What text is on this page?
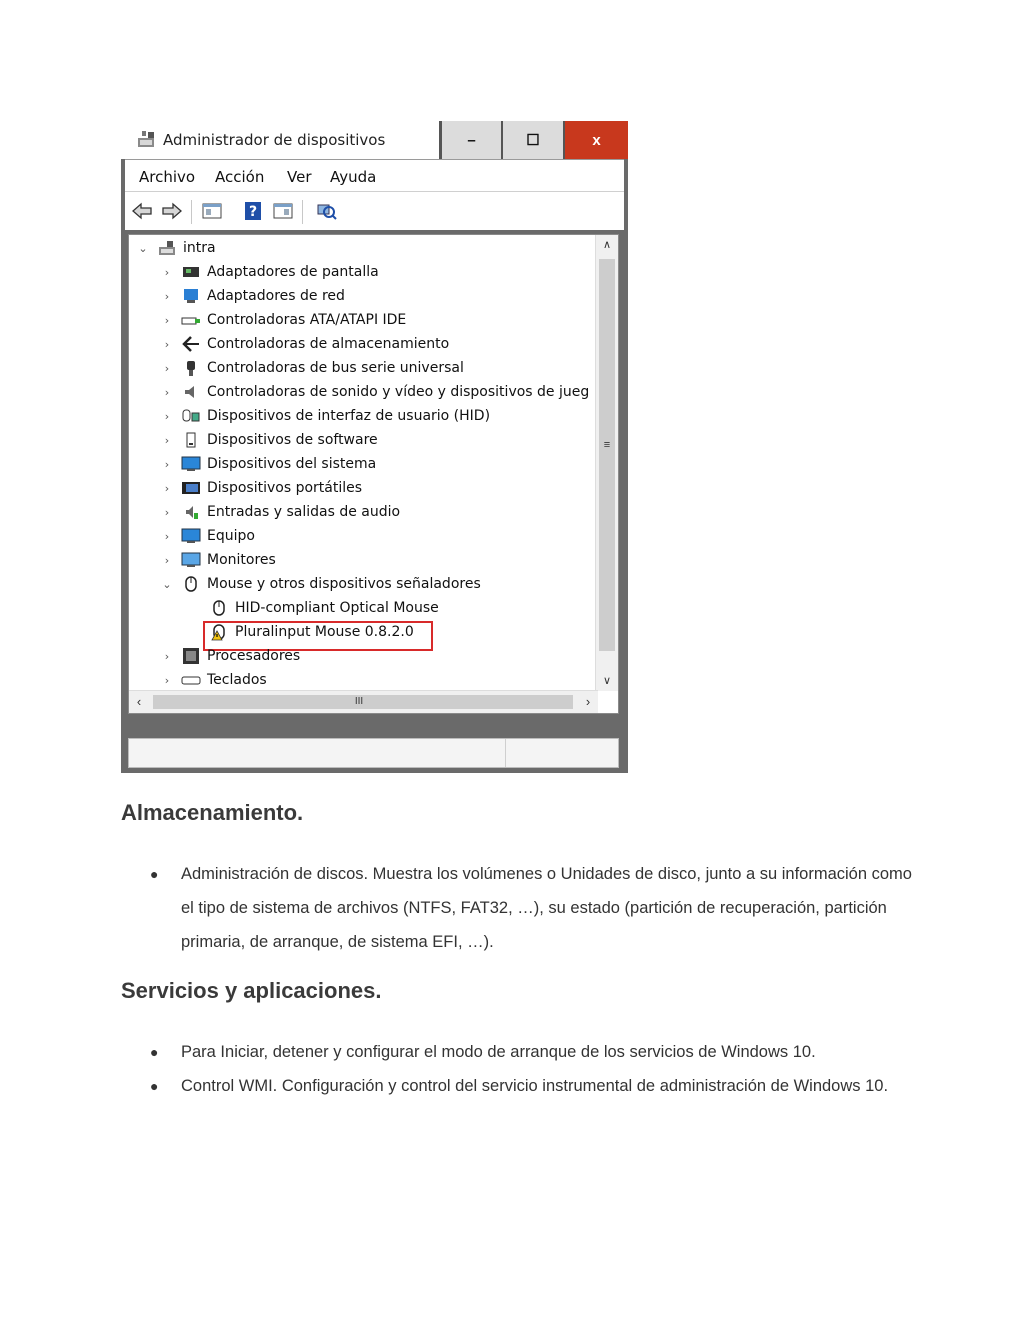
Administrador de dispositivos	–	☐	x
Archivo Acción Ver Ayuda
?
⌄	intra
›	Adaptadores de pantalla
›	Adaptadores de red
›	Controladoras ATA/ATAPI IDE
›	Controladoras de almacenamiento
›	Controladoras de bus serie universal
›	Controladoras de sonido y vídeo y dispositivos de jueg
›	Dispositivos de interfaz de usuario (HID)
›	Dispositivos de software
›	Dispositivos del sistema
›	Dispositivos portátiles
›	Entradas y salidas de audio
›	Equipo
›	Monitores
⌄	Mouse y otros dispositivos señaladores
HID-compliant Optical Mouse
Pluralinput Mouse 0.8.2.0
›	Procesadores
›	Teclados
∧
≡
∨
‹	III	›
Almacenamiento.
● Administración de discos. Muestra los volúmenes o Unidades de disco, junto a su información como el tipo de sistema de archivos (NTFS, FAT32, …), su estado (partición de recuperación, partición primaria, de arranque, de sistema EFI, …).

Servicios y aplicaciones.
● Para Iniciar, detener y configurar el modo de arranque de los servicios de Windows 10.

● Control WMI. Configuración y control del servicio instrumental de administración de Windows 10.
